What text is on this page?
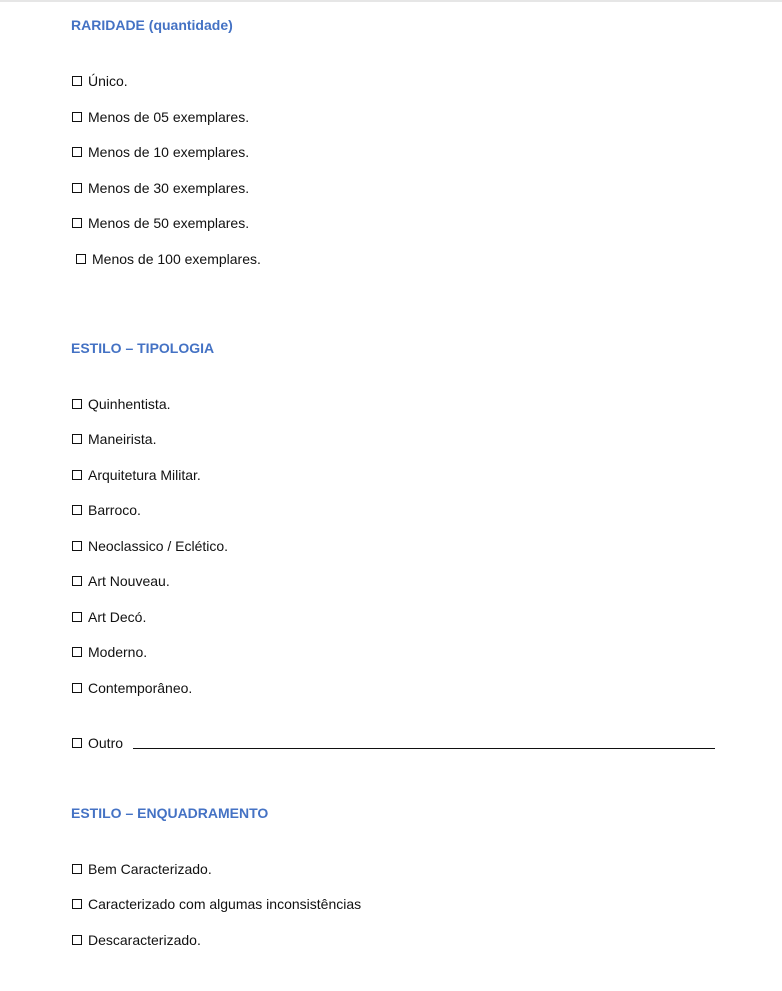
RARIDADE (quantidade)
Único.
Menos de 05 exemplares.
Menos de 10 exemplares.
Menos de 30 exemplares.
Menos de 50 exemplares.
Menos de 100 exemplares.
ESTILO – TIPOLOGIA
Quinhentista.
Maneirista.
Arquitetura Militar.
Barroco.
Neoclassico / Eclético.
Art Nouveau.
Art Decó.
Moderno.
Contemporâneo.
Outro
ESTILO – ENQUADRAMENTO
Bem Caracterizado.
Caracterizado com algumas inconsistências
Descaracterizado.
